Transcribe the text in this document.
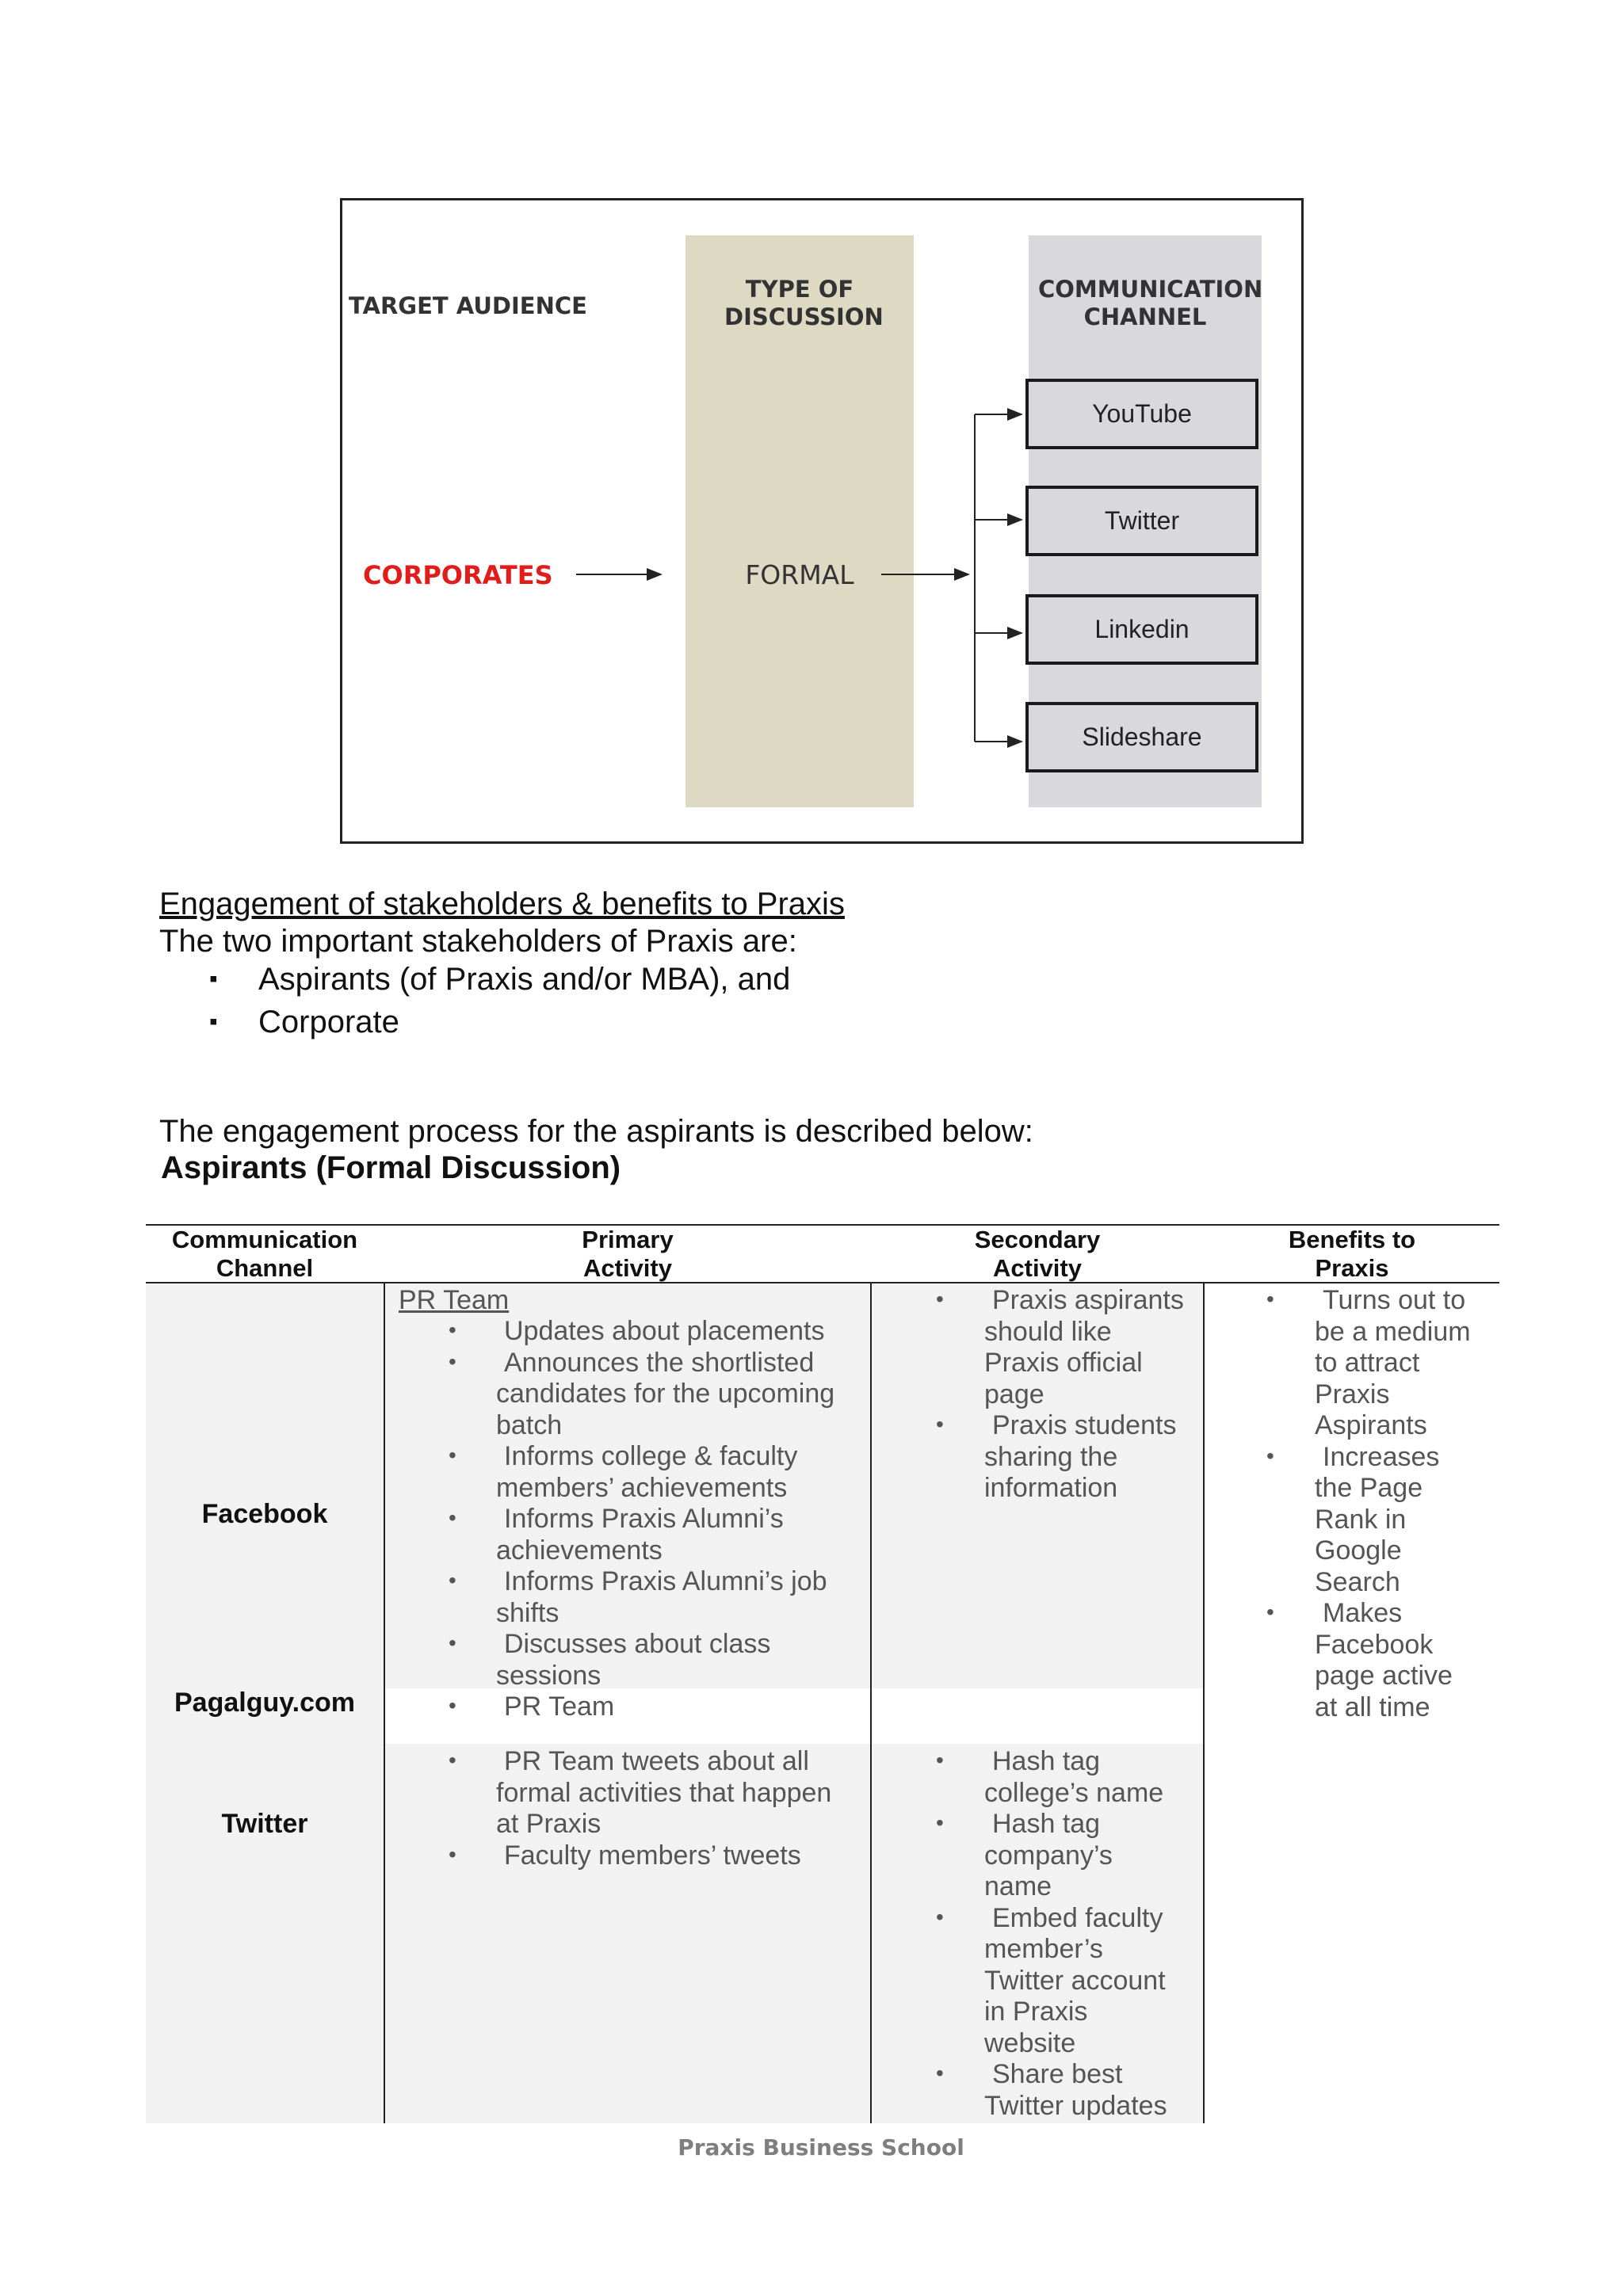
TARGET AUDIENCE
TYPE OF DISCUSSION
COMMUNICATION CHANNEL
CORPORATES	FORMAL
YouTube
Twitter
Linkedin
Slideshare
Engagement of stakeholders & benefits to Praxis
The two important stakeholders of Praxis are:
▪ Aspirants (of Praxis and/or MBA), and
▪ Corporate
The engagement process for the aspirants is described below:
Aspirants (Formal Discussion)
Communication
Channel
Primary
Activity
Secondary
Activity
Benefits to
Praxis
Facebook
Pagalguy.com
Twitter
PR Team
• Updates about placements
• Announces the shortlisted
candidates for the upcoming
batch
• Informs college & faculty
members’ achievements
• Informs Praxis Alumni’s
achievements
• Informs Praxis Alumni’s job
shifts
• Discusses about class
sessions
• Praxis aspirants
should like
Praxis official
page
• Praxis students
sharing the
information
• Turns out to
be a medium
to attract
Praxis
Aspirants
• Increases
the Page
Rank in
Google
Search
• Makes
Facebook
page active
at all time
• PR Team
• PR Team tweets about all
formal activities that happen
at Praxis
• Faculty members’ tweets
• Hash tag
college’s name
• Hash tag
company’s
name
• Embed faculty
member’s
Twitter account
in Praxis
website
• Share best
Twitter updates
Praxis Business School
